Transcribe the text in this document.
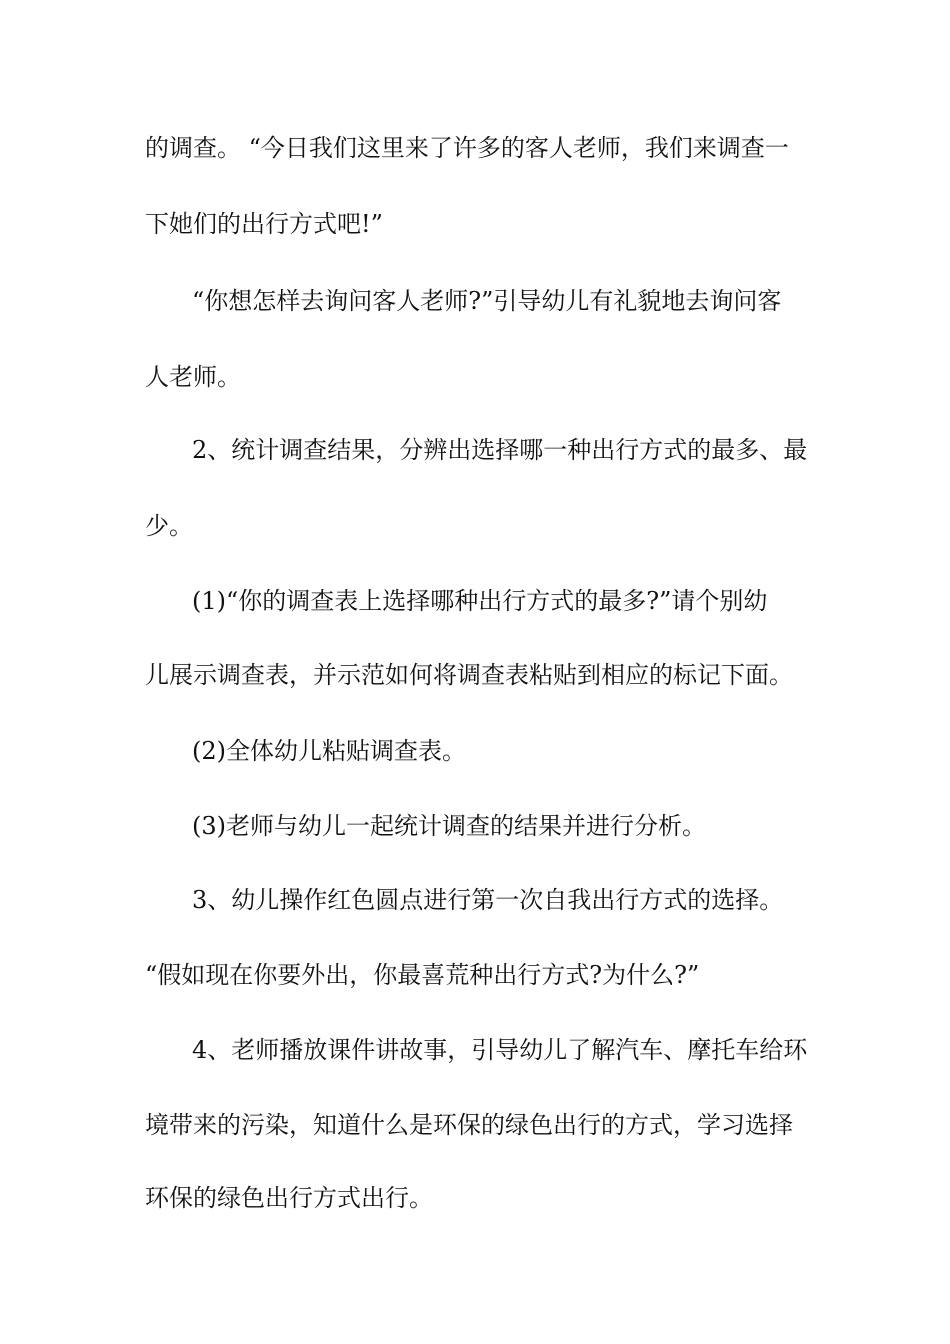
的调查。 “今日我们这里来了许多的客人老师，我们来调查一
下她们的出行方式吧!”
“你想怎样去询问客人老师?”引导幼儿有礼貌地去询问客
人老师。
2、统计调查结果，分辨出选择哪一种出行方式的最多、最
少。
(1)“你的调查表上选择哪种出行方式的最多?”请个别幼
儿展示调查表，并示范如何将调查表粘贴到相应的标记下面。
(2)全体幼儿粘贴调查表。
(3)老师与幼儿一起统计调查的结果并进行分析。
3、幼儿操作红色圆点进行第一次自我出行方式的选择。
“假如现在你要外出，你最喜荒种出行方式?为什么?”
4、老师播放课件讲故事，引导幼儿了解汽车、摩托车给环
境带来的污染，知道什么是环保的绿色出行的方式，学习选择
环保的绿色出行方式出行。
